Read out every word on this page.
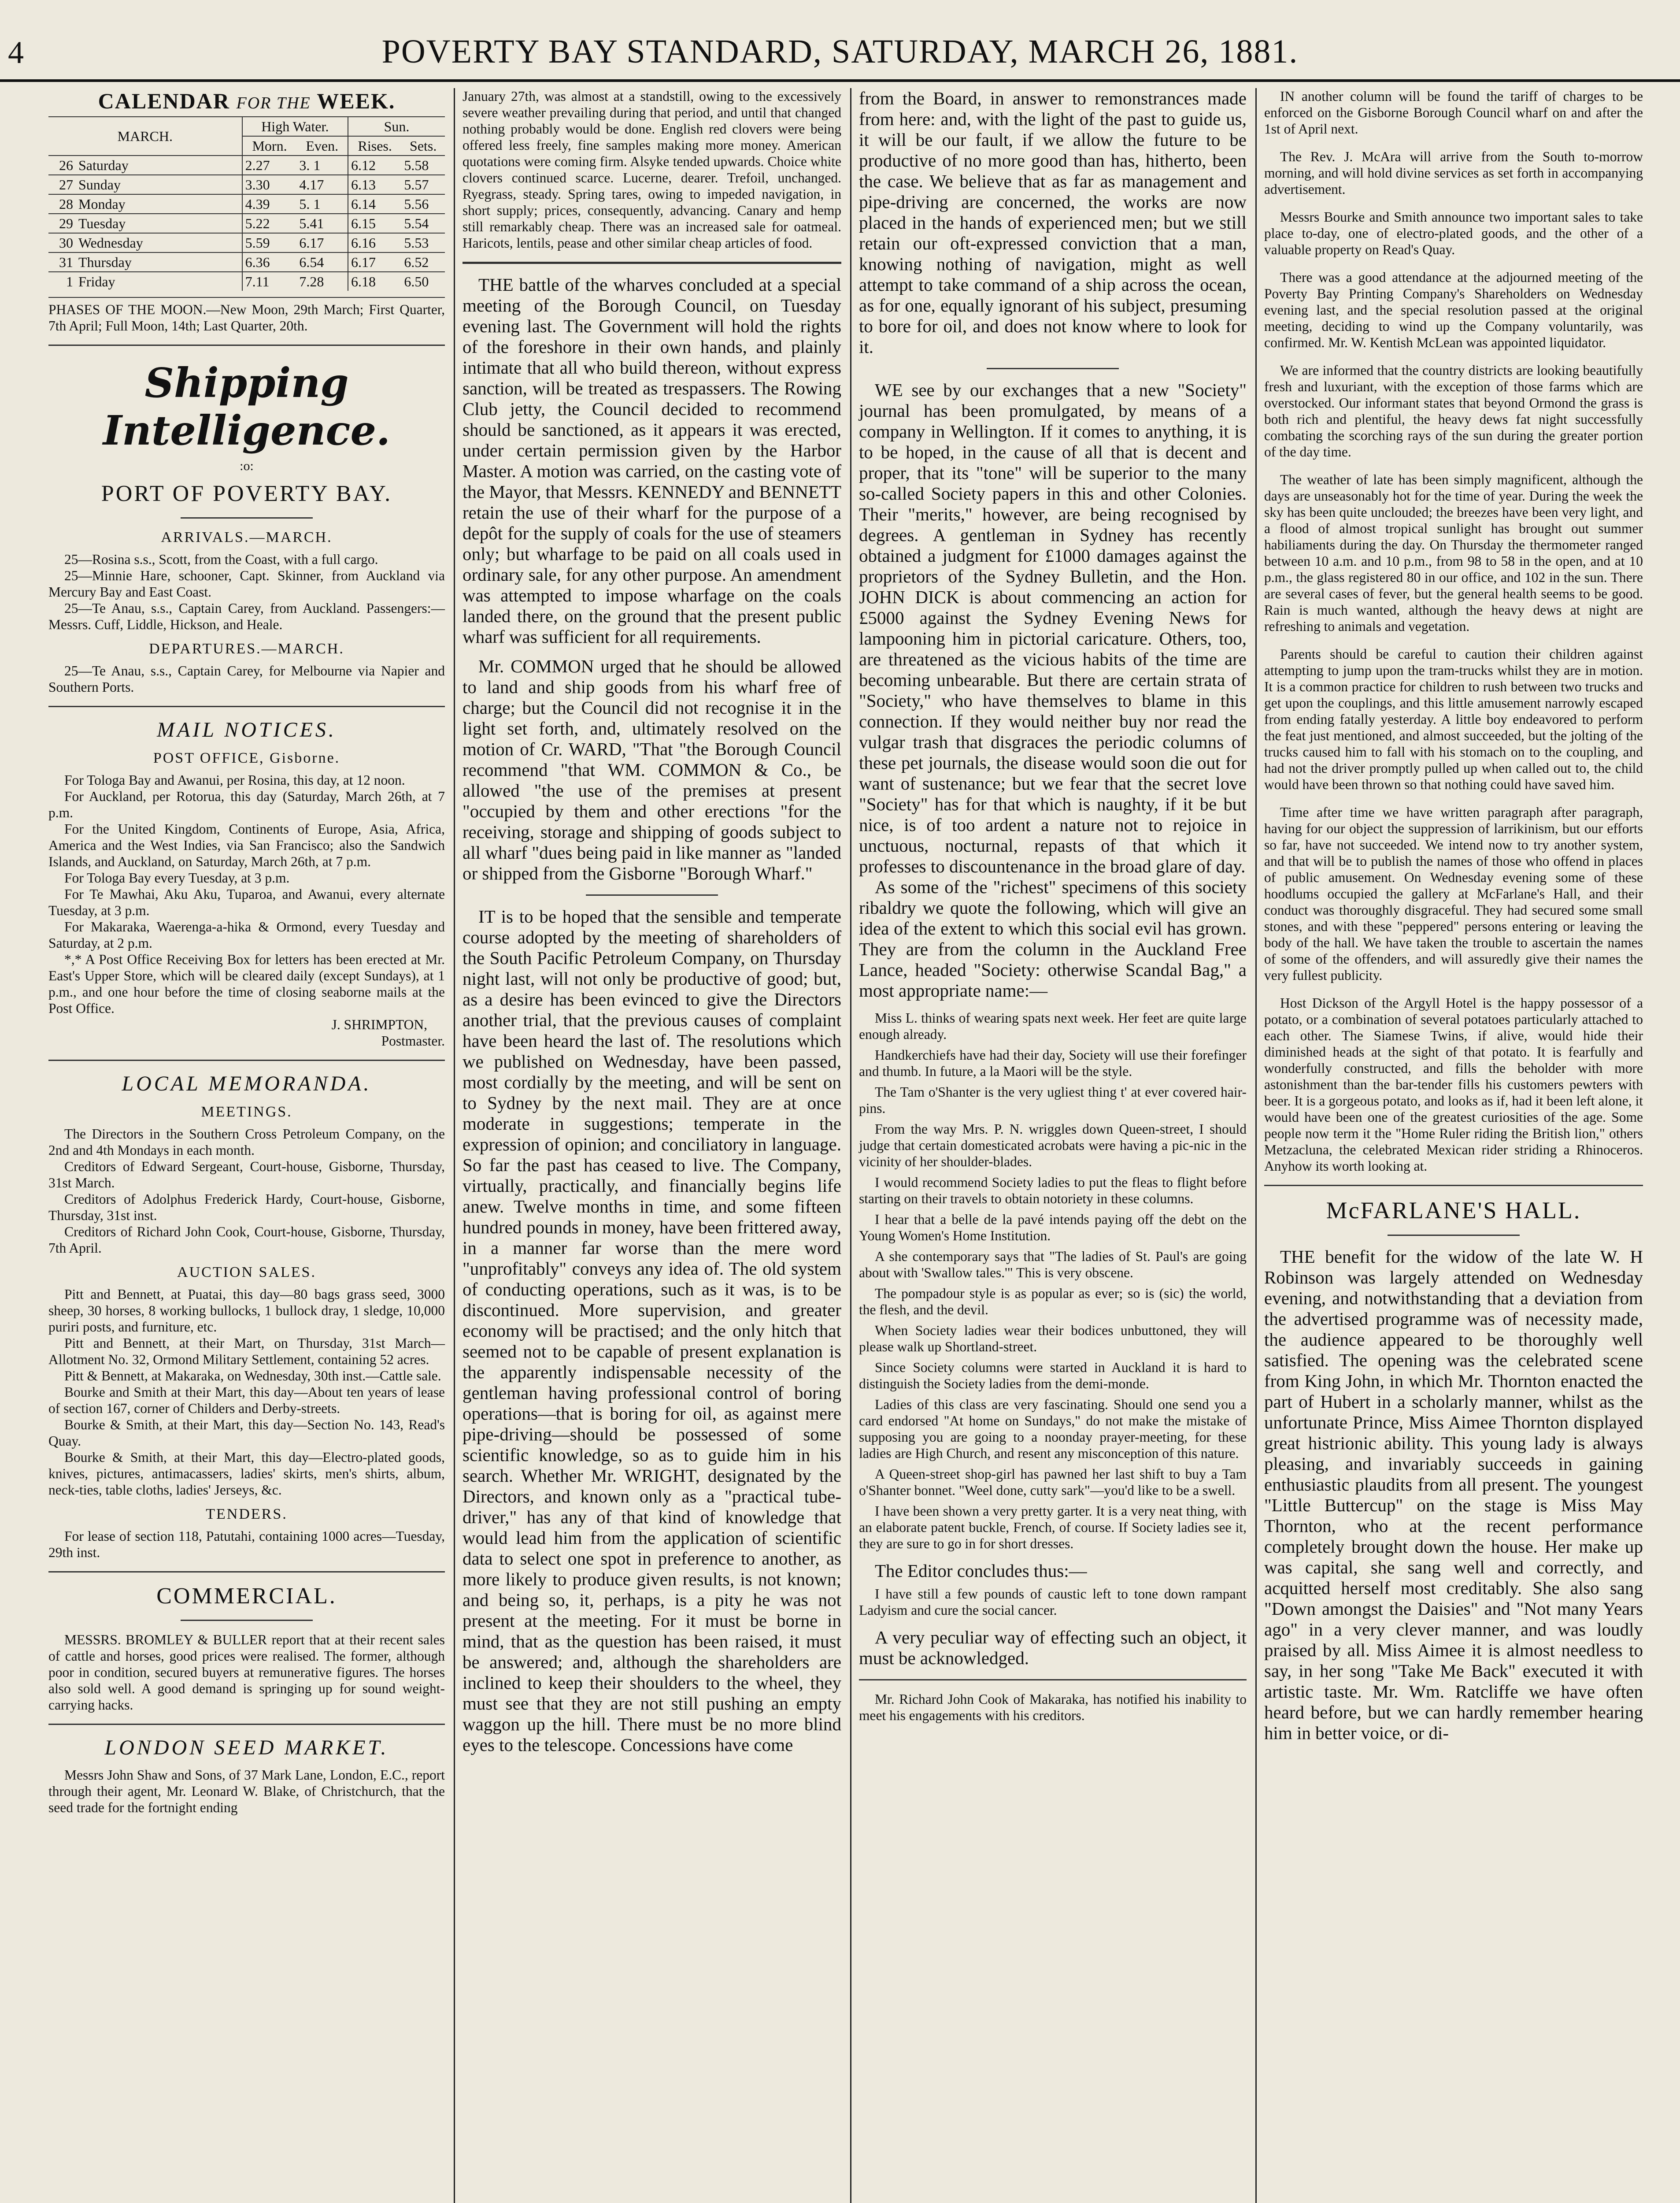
4	POVERTY BAY STANDARD, SATURDAY, MARCH 26, 1881.
CALENDAR FOR THE WEEK.
MARCH.		High Water.		Sun.	
		Morn.	Even.	Rises.	Sets.
26	Saturday	2.27	3. 1	6.12	5.58
27	Sunday	3.30	4.17	6.13	5.57
28	Monday	4.39	5. 1	6.14	5.56
29	Tuesday	5.22	5.41	6.15	5.54
30	Wednesday	5.59	6.17	6.16	5.53
31	Thursday	6.36	6.54	6.17	6.52
1	Friday	7.11	7.28	6.18	6.50

PHASES OF THE MOON.—New Moon, 29th March; First Quarter, 7th April; Full Moon, 14th; Last Quarter, 20th.

Shipping Intelligence.
:o:
PORT OF POVERTY BAY.
ARRIVALS.—MARCH.

25—Rosina s.s., Scott, from the Coast, with a full cargo.

25—Minnie Hare, schooner, Capt. Skinner, from Auckland via Mercury Bay and East Coast.

25—Te Anau, s.s., Captain Carey, from Auckland. Passengers:—Messrs. Cuff, Liddle, Hickson, and Heale.

DEPARTURES.—MARCH.

25—Te Anau, s.s., Captain Carey, for Melbourne via Napier and Southern Ports.

MAIL NOTICES.
POST OFFICE, Gisborne.

For Tologa Bay and Awanui, per Rosina, this day, at 12 noon.

For Auckland, per Rotorua, this day (Saturday, March 26th, at 7 p.m.

For the United Kingdom, Continents of Europe, Asia, Africa, America and the West Indies, via San Francisco; also the Sandwich Islands, and Auckland, on Saturday, March 26th, at 7 p.m.

For Tologa Bay every Tuesday, at 3 p.m.

For Te Mawhai, Aku Aku, Tuparoa, and Awanui, every alternate Tuesday, at 3 p.m.

For Makaraka, Waerenga-a-hika & Ormond, every Tuesday and Saturday, at 2 p.m.

*,* A Post Office Receiving Box for letters has been erected at Mr. East's Upper Store, which will be cleared daily (except Sundays), at 1 p.m., and one hour before the time of closing seaborne mails at the Post Office.

J. SHRIMPTON,
Postmaster.
LOCAL MEMORANDA.
MEETINGS.

The Directors in the Southern Cross Petroleum Company, on the 2nd and 4th Mondays in each month.

Creditors of Edward Sergeant, Court-house, Gisborne, Thursday, 31st March.

Creditors of Adolphus Frederick Hardy, Court-house, Gisborne, Thursday, 31st inst.

Creditors of Richard John Cook, Court-house, Gisborne, Thursday, 7th April.

AUCTION SALES.

Pitt and Bennett, at Puatai, this day—80 bags grass seed, 3000 sheep, 30 horses, 8 working bullocks, 1 bullock dray, 1 sledge, 10,000 puriri posts, and furniture, etc.

Pitt and Bennett, at their Mart, on Thursday, 31st March—Allotment No. 32, Ormond Military Settlement, containing 52 acres.

Pitt & Bennett, at Makaraka, on Wednesday, 30th inst.—Cattle sale.

Bourke and Smith at their Mart, this day—About ten years of lease of section 167, corner of Childers and Derby-streets.

Bourke & Smith, at their Mart, this day—Section No. 143, Read's Quay.

Bourke & Smith, at their Mart, this day—Electro-plated goods, knives, pictures, antimacassers, ladies' skirts, men's shirts, album, neck-ties, table cloths, ladies' Jerseys, &c.

TENDERS.

For lease of section 118, Patutahi, containing 1000 acres—Tuesday, 29th inst.

COMMERCIAL.

MESSRS. BROMLEY & BULLER report that at their recent sales of cattle and horses, good prices were realised. The former, although poor in condition, secured buyers at remunerative figures. The horses also sold well. A good demand is springing up for sound weight-carrying hacks.

LONDON SEED MARKET.

Messrs John Shaw and Sons, of 37 Mark Lane, London, E.C., report through their agent, Mr. Leonard W. Blake, of Christchurch, that the seed trade for the fortnight ending

January 27th, was almost at a standstill, owing to the excessively severe weather prevailing during that period, and until that changed nothing probably would be done. English red clovers were being offered less freely, fine samples making more money. American quotations were coming firm. Alsyke tended upwards. Choice white clovers continued scarce. Lucerne, dearer. Trefoil, unchanged. Ryegrass, steady. Spring tares, owing to impeded navigation, in short supply; prices, consequently, advancing. Canary and hemp still remarkably cheap. There was an increased sale for oatmeal. Haricots, lentils, pease and other similar cheap articles of food.

THE battle of the wharves concluded at a special meeting of the Borough Council, on Tuesday evening last. The Government will hold the rights of the foreshore in their own hands, and plainly intimate that all who build thereon, without express sanction, will be treated as trespassers. The Rowing Club jetty, the Council decided to recommend should be sanctioned, as it appears it was erected, under certain permission given by the Harbor Master. A motion was carried, on the casting vote of the Mayor, that Messrs. KENNEDY and BENNETT retain the use of their wharf for the purpose of a depôt for the supply of coals for the use of steamers only; but wharfage to be paid on all coals used in ordinary sale, for any other purpose. An amendment was attempted to impose wharfage on the coals landed there, on the ground that the present public wharf was sufficient for all requirements.

Mr. COMMON urged that he should be allowed to land and ship goods from his wharf free of charge; but the Council did not recognise it in the light set forth, and, ultimately resolved on the motion of Cr. WARD, "That "the Borough Council recommend "that WM. COMMON & Co., be allowed "the use of the premises at present "occupied by them and other erections "for the receiving, storage and shipping of goods subject to all wharf "dues being paid in like manner as "landed or shipped from the Gisborne "Borough Wharf."

IT is to be hoped that the sensible and temperate course adopted by the meeting of shareholders of the South Pacific Petroleum Company, on Thursday night last, will not only be productive of good; but, as a desire has been evinced to give the Directors another trial, that the previous causes of complaint have been heard the last of. The resolutions which we published on Wednesday, have been passed, most cordially by the meeting, and will be sent on to Sydney by the next mail. They are at once moderate in suggestions; temperate in the expression of opinion; and conciliatory in language. So far the past has ceased to live. The Company, virtually, practically, and financially begins life anew. Twelve months in time, and some fifteen hundred pounds in money, have been frittered away, in a manner far worse than the mere word "unprofitably" conveys any idea of. The old system of conducting operations, such as it was, is to be discontinued. More supervision, and greater economy will be practised; and the only hitch that seemed not to be capable of present explanation is the apparently indispensable necessity of the gentleman having professional control of boring operations—that is boring for oil, as against mere pipe-driving—should be possessed of some scientific knowledge, so as to guide him in his search. Whether Mr. WRIGHT, designated by the Directors, and known only as a "practical tube-driver," has any of that kind of knowledge that would lead him from the application of scientific data to select one spot in preference to another, as more likely to produce given results, is not known; and being so, it, perhaps, is a pity he was not present at the meeting. For it must be borne in mind, that as the question has been raised, it must be answered; and, although the shareholders are inclined to keep their shoulders to the wheel, they must see that they are not still pushing an empty waggon up the hill. There must be no more blind eyes to the telescope. Concessions have come

from the Board, in answer to remonstrances made from here: and, with the light of the past to guide us, it will be our fault, if we allow the future to be productive of no more good than has, hitherto, been the case. We believe that as far as management and pipe-driving are concerned, the works are now placed in the hands of experienced men; but we still retain our oft-expressed conviction that a man, knowing nothing of navigation, might as well attempt to take command of a ship across the ocean, as for one, equally ignorant of his subject, presuming to bore for oil, and does not know where to look for it.

WE see by our exchanges that a new "Society" journal has been promulgated, by means of a company in Wellington. If it comes to anything, it is to be hoped, in the cause of all that is decent and proper, that its "tone" will be superior to the many so-called Society papers in this and other Colonies. Their "merits," however, are being recognised by degrees. A gentleman in Sydney has recently obtained a judgment for £1000 damages against the proprietors of the Sydney Bulletin, and the Hon. JOHN DICK is about commencing an action for £5000 against the Sydney Evening News for lampooning him in pictorial caricature. Others, too, are threatened as the vicious habits of the time are becoming unbearable. But there are certain strata of "Society," who have themselves to blame in this connection. If they would neither buy nor read the vulgar trash that disgraces the periodic columns of these pet journals, the disease would soon die out for want of sustenance; but we fear that the secret love "Society" has for that which is naughty, if it be but nice, is of too ardent a nature not to rejoice in unctuous, nocturnal, repasts of that which it professes to discountenance in the broad glare of day.

As some of the "richest" specimens of this society ribaldry we quote the following, which will give an idea of the extent to which this social evil has grown. They are from the column in the Auckland Free Lance, headed "Society: otherwise Scandal Bag," a most appropriate name:—

Miss L. thinks of wearing spats next week. Her feet are quite large enough already.

Handkerchiefs have had their day, Society will use their forefinger and thumb. In future, a la Maori will be the style.

The Tam o'Shanter is the very ugliest thing t' at ever covered hair-pins.

From the way Mrs. P. N. wriggles down Queen-street, I should judge that certain domesticated acrobats were having a pic-nic in the vicinity of her shoulder-blades.

I would recommend Society ladies to put the fleas to flight before starting on their travels to obtain notoriety in these columns.

I hear that a belle de la pavé intends paying off the debt on the Young Women's Home Institution.

A she contemporary says that "The ladies of St. Paul's are going about with 'Swallow tales.'" This is very obscene.

The pompadour style is as popular as ever; so is (sic) the world, the flesh, and the devil.

When Society ladies wear their bodices unbuttoned, they will please walk up Shortland-street.

Since Society columns were started in Auckland it is hard to distinguish the Society ladies from the demi-monde.

Ladies of this class are very fascinating. Should one send you a card endorsed "At home on Sundays," do not make the mistake of supposing you are going to a noonday prayer-meeting, for these ladies are High Church, and resent any misconception of this nature.

A Queen-street shop-girl has pawned her last shift to buy a Tam o'Shanter bonnet. "Weel done, cutty sark"—you'd like to be a swell.

I have been shown a very pretty garter. It is a very neat thing, with an elaborate patent buckle, French, of course. If Society ladies see it, they are sure to go in for short dresses.

The Editor concludes thus:—

I have still a few pounds of caustic left to tone down rampant Ladyism and cure the social cancer.

A very peculiar way of effecting such an object, it must be acknowledged.

Mr. Richard John Cook of Makaraka, has notified his inability to meet his engagements with his creditors.

IN another column will be found the tariff of charges to be enforced on the Gisborne Borough Council wharf on and after the 1st of April next.

The Rev. J. McAra will arrive from the South to-morrow morning, and will hold divine services as set forth in accompanying advertisement.

Messrs Bourke and Smith announce two important sales to take place to-day, one of electro-plated goods, and the other of a valuable property on Read's Quay.

There was a good attendance at the adjourned meeting of the Poverty Bay Printing Company's Shareholders on Wednesday evening last, and the special resolution passed at the original meeting, deciding to wind up the Company voluntarily, was confirmed. Mr. W. Kentish McLean was appointed liquidator.

We are informed that the country districts are looking beautifully fresh and luxuriant, with the exception of those farms which are overstocked. Our informant states that beyond Ormond the grass is both rich and plentiful, the heavy dews fat night successfully combating the scorching rays of the sun during the greater portion of the day time.

The weather of late has been simply magnificent, although the days are unseasonably hot for the time of year. During the week the sky has been quite unclouded; the breezes have been very light, and a flood of almost tropical sunlight has brought out summer habiliaments during the day. On Thursday the thermometer ranged between 10 a.m. and 10 p.m., from 98 to 58 in the open, and at 10 p.m., the glass registered 80 in our office, and 102 in the sun. There are several cases of fever, but the general health seems to be good. Rain is much wanted, although the heavy dews at night are refreshing to animals and vegetation.

Parents should be careful to caution their children against attempting to jump upon the tram-trucks whilst they are in motion. It is a common practice for children to rush between two trucks and get upon the couplings, and this little amusement narrowly escaped from ending fatally yesterday. A little boy endeavored to perform the feat just mentioned, and almost succeeded, but the jolting of the trucks caused him to fall with his stomach on to the coupling, and had not the driver promptly pulled up when called out to, the child would have been thrown so that nothing could have saved him.

Time after time we have written paragraph after paragraph, having for our object the suppression of larrikinism, but our efforts so far, have not succeeded. We intend now to try another system, and that will be to publish the names of those who offend in places of public amusement. On Wednesday evening some of these hoodlums occupied the gallery at McFarlane's Hall, and their conduct was thoroughly disgraceful. They had secured some small stones, and with these "peppered" persons entering or leaving the body of the hall. We have taken the trouble to ascertain the names of some of the offenders, and will assuredly give their names the very fullest publicity.

Host Dickson of the Argyll Hotel is the happy possessor of a potato, or a combination of several potatoes particularly attached to each other. The Siamese Twins, if alive, would hide their diminished heads at the sight of that potato. It is fearfully and wonderfully constructed, and fills the beholder with more astonishment than the bar-tender fills his customers pewters with beer. It is a gorgeous potato, and looks as if, had it been left alone, it would have been one of the greatest curiosities of the age. Some people now term it the "Home Ruler riding the British lion," others Metzacluna, the celebrated Mexican rider striding a Rhinoceros. Anyhow its worth looking at.

McFARLANE'S HALL.

THE benefit for the widow of the late W. H Robinson was largely attended on Wednesday evening, and notwithstanding that a deviation from the advertised programme was of necessity made, the audience appeared to be thoroughly well satisfied. The opening was the celebrated scene from King John, in which Mr. Thornton enacted the part of Hubert in a scholarly manner, whilst as the unfortunate Prince, Miss Aimee Thornton displayed great histrionic ability. This young lady is always pleasing, and invariably succeeds in gaining enthusiastic plaudits from all present. The youngest "Little Buttercup" on the stage is Miss May Thornton, who at the recent performance completely brought down the house. Her make up was capital, she sang well and correctly, and acquitted herself most creditably. She also sang "Down amongst the Daisies" and "Not many Years ago" in a very clever manner, and was loudly praised by all. Miss Aimee it is almost needless to say, in her song "Take Me Back" executed it with artistic taste. Mr. Wm. Ratcliffe we have often heard before, but we can hardly remember hearing him in better voice, or di-
